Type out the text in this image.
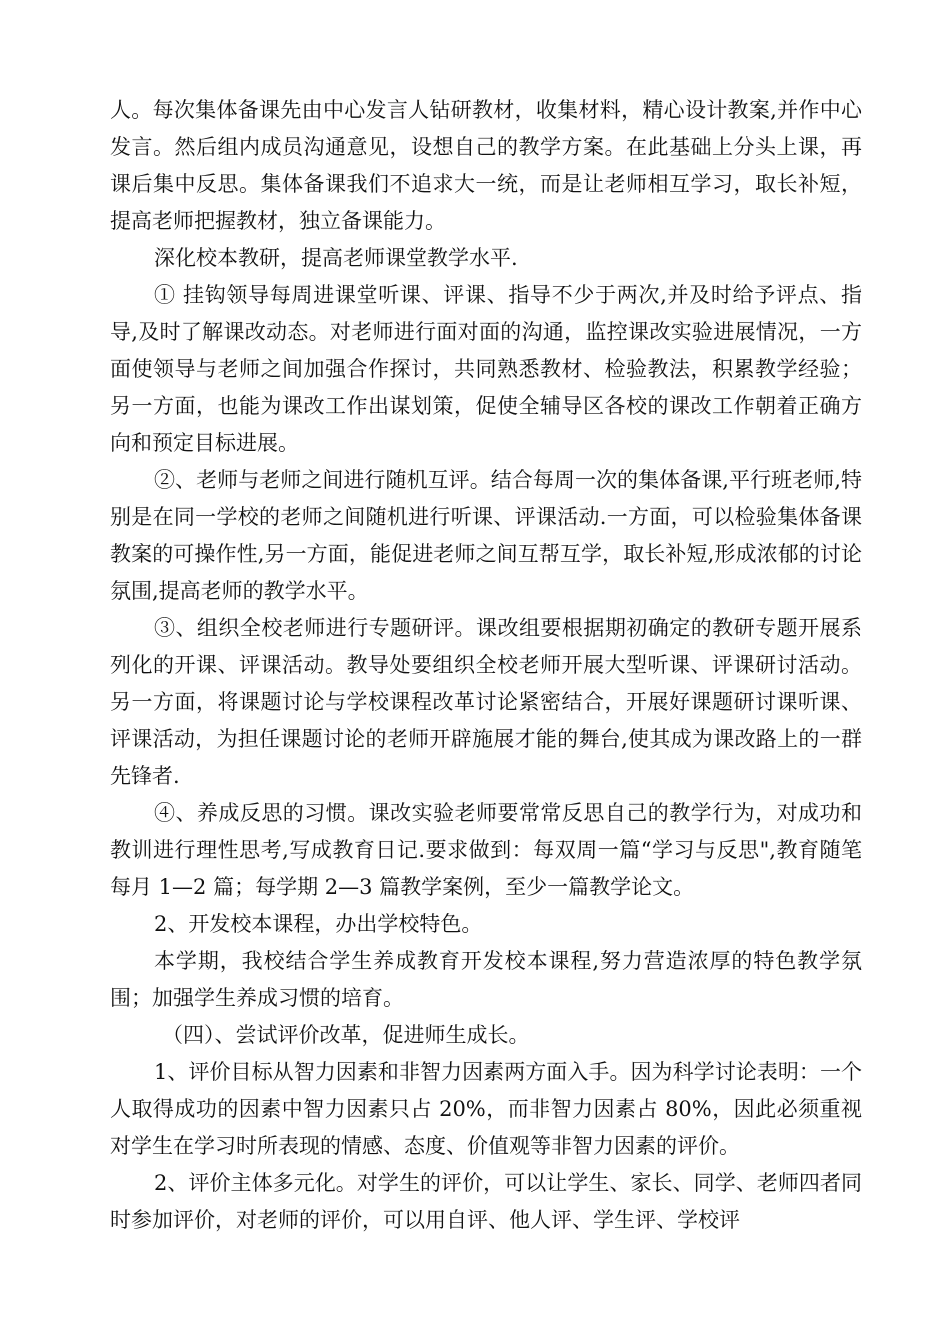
人。每次集体备课先由中心发言人钻研教材，收集材料，精心设计教案,并作中心发言。然后组内成员沟通意见，设想自己的教学方案。在此基础上分头上课，再课后集中反思。集体备课我们不追求大一统，而是让老师相互学习，取长补短，提高老师把握教材，独立备课能力。

深化校本教研，提高老师课堂教学水平.

① 挂钩领导每周进课堂听课、评课、指导不少于两次,并及时给予评点、指导,及时了解课改动态。对老师进行面对面的沟通，监控课改实验进展情况，一方面使领导与老师之间加强合作探讨，共同熟悉教材、检验教法，积累教学经验；另一方面，也能为课改工作出谋划策，促使全辅导区各校的课改工作朝着正确方向和预定目标进展。

②、老师与老师之间进行随机互评。结合每周一次的集体备课,平行班老师,特别是在同一学校的老师之间随机进行听课、评课活动.一方面，可以检验集体备课教案的可操作性,另一方面，能促进老师之间互帮互学，取长补短,形成浓郁的讨论氛围,提高老师的教学水平。

③、组织全校老师进行专题研评。课改组要根据期初确定的教研专题开展系列化的开课、评课活动。教导处要组织全校老师开展大型听课、评课研讨活动。另一方面，将课题讨论与学校课程改革讨论紧密结合，开展好课题研讨课听课、评课活动，为担任课题讨论的老师开辟施展才能的舞台,使其成为课改路上的一群先锋者.

④、养成反思的习惯。课改实验老师要常常反思自己的教学行为，对成功和教训进行理性思考,写成教育日记.要求做到：每双周一篇“学习与反思",教育随笔每月 1—2 篇；每学期 2—3 篇教学案例，至少一篇教学论文。

2、开发校本课程，办出学校特色。

本学期，我校结合学生养成教育开发校本课程,努力营造浓厚的特色教学氛围；加强学生养成习惯的培育。

（四）、尝试评价改革，促进师生成长。

1、评价目标从智力因素和非智力因素两方面入手。因为科学讨论表明：一个人取得成功的因素中智力因素只占 20%，而非智力因素占 80%，因此必须重视对学生在学习时所表现的情感、态度、价值观等非智力因素的评价。

2、评价主体多元化。对学生的评价，可以让学生、家长、同学、老师四者同时参加评价，对老师的评价，可以用自评、他人评、学生评、学校评
